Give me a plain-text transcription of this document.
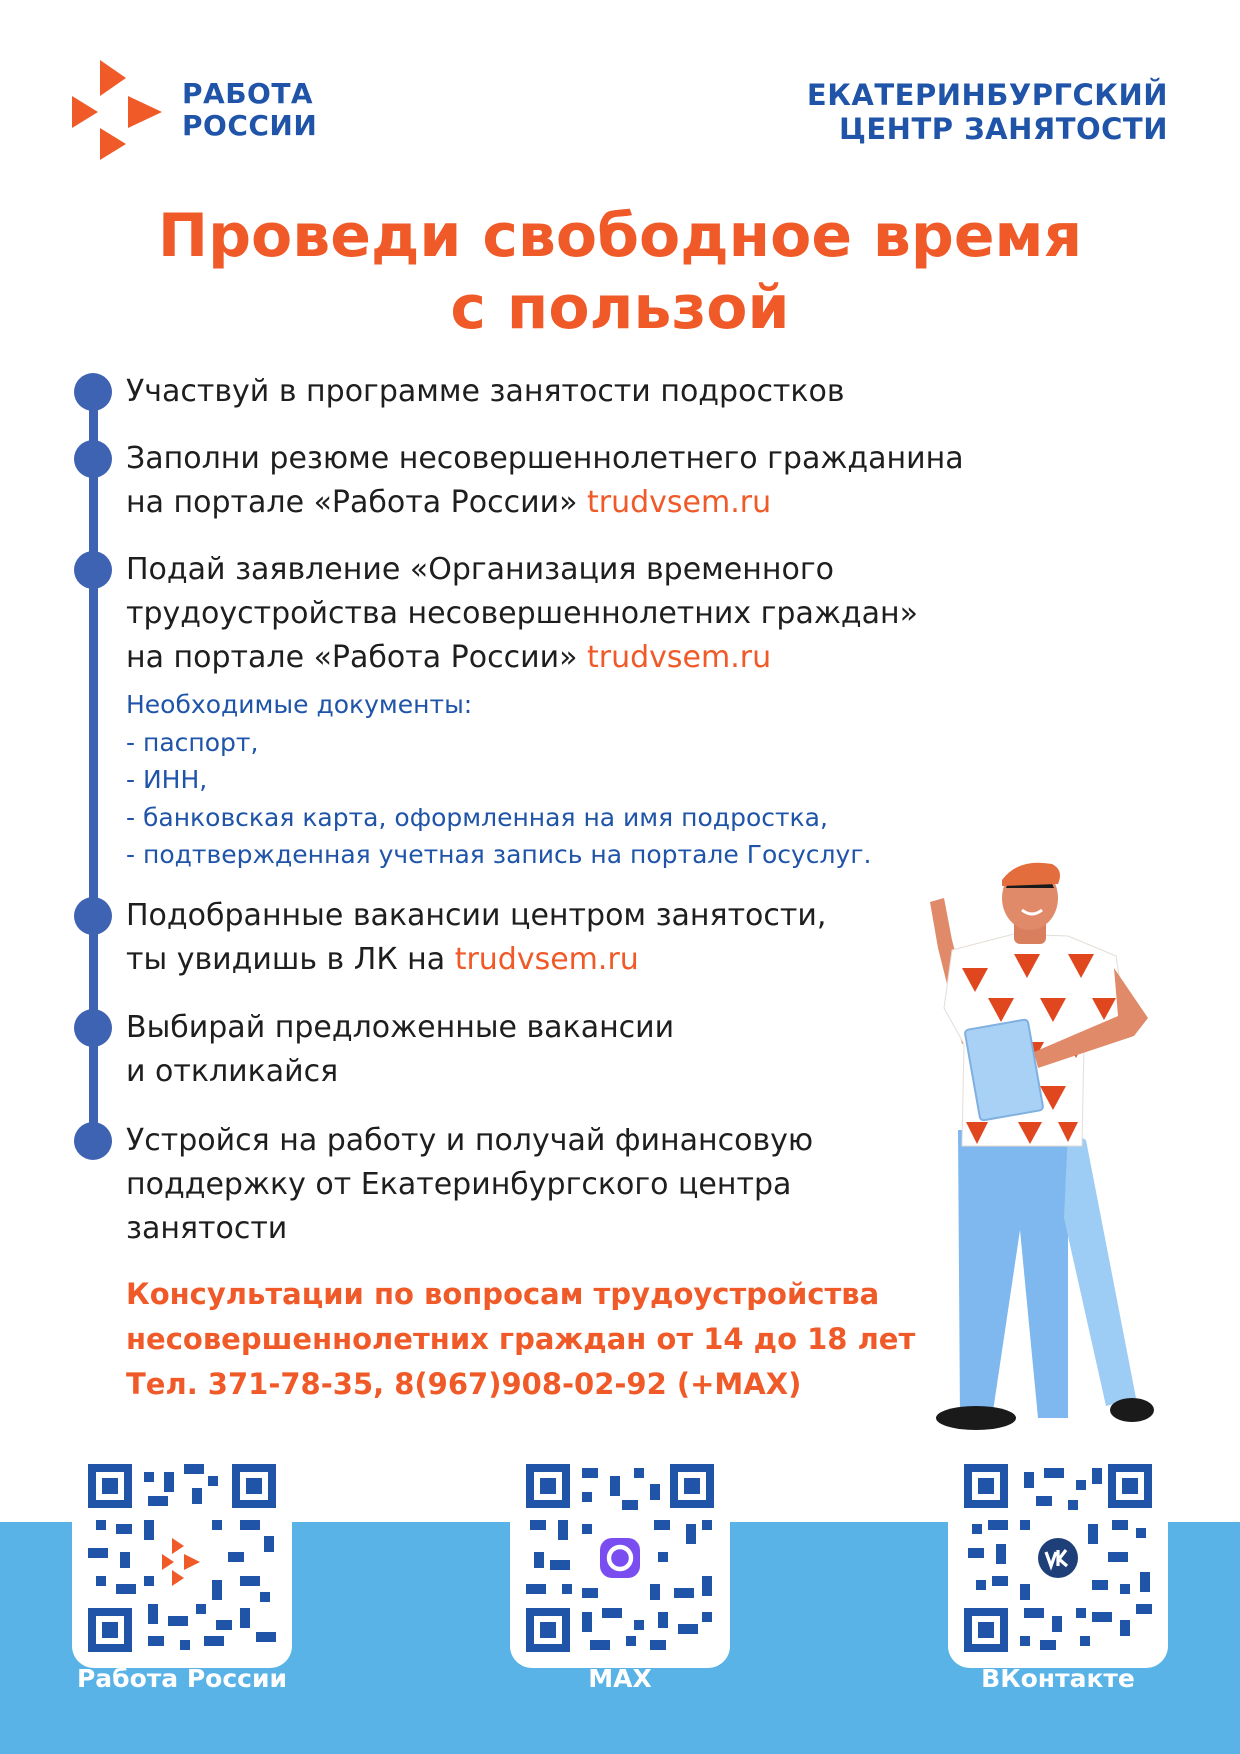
РАБОТА
РОССИИ
ЕКАТЕРИНБУРГСКИЙ
ЦЕНТР ЗАНЯТОСТИ
Проведи свободное время
с пользой
Участвуй в программе занятости подростков
Заполни резюме несовершеннолетнего гражданина
на портале «Работа России» trudvsem.ru
Подай заявление «Организация временного
трудоустройства несовершеннолетних граждан»
на портале «Работа России» trudvsem.ru
Необходимые документы:
- паспорт,
- ИНН,
- банковская карта, оформленная на имя подростка,
- подтвержденная учетная запись на портале Госуслуг.
Подобранные вакансии центром занятости,
ты увидишь в ЛК на trudvsem.ru
Выбирай предложенные вакансии
и откликайся
Устройся на работу и получай финансовую
поддержку от Екатеринбургского центра
занятости
Консультации по вопросам трудоустройства
несовершеннолетних граждан от 14 до 18 лет
Тел. 371-78-35, 8(967)908-02-92 (+MAX)
Работа России	MAX	ВКонтакте
